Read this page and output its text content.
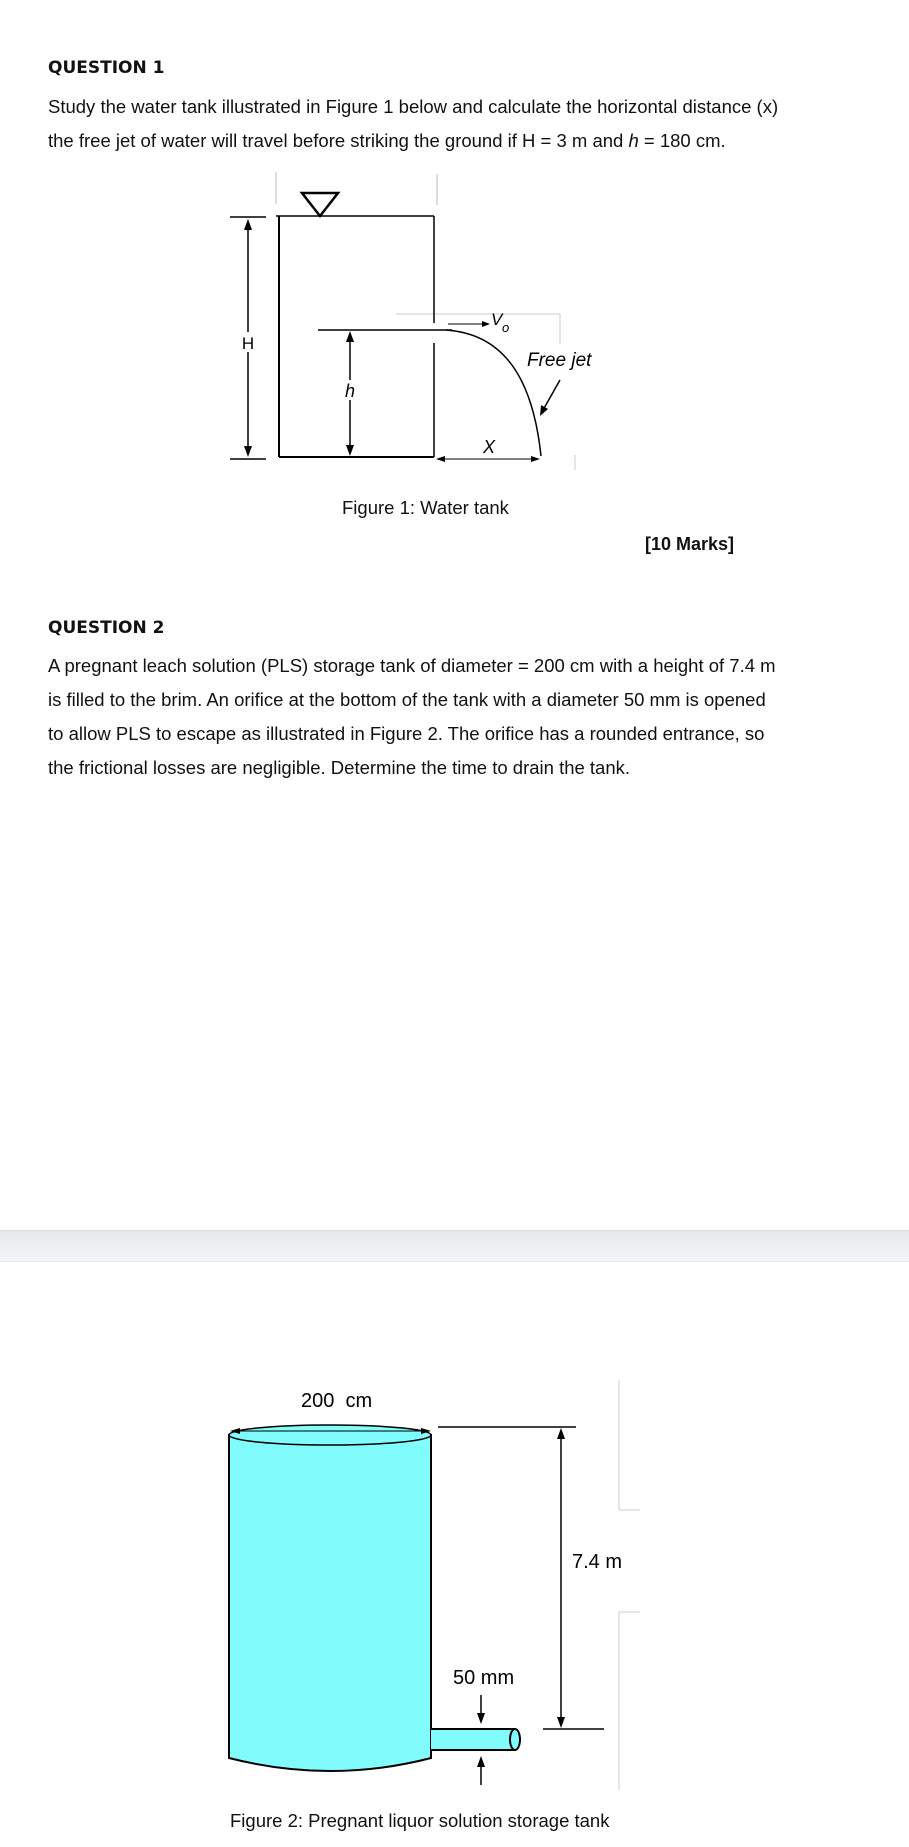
QUESTION 1
Study the water tank illustrated in Figure 1 below and calculate the horizontal distance (x)
the free jet of water will travel before striking the ground if H = 3 m and h = 180 cm.
H
h
V o
Free jet
X
Figure 1: Water tank
[10 Marks]
QUESTION 2
A pregnant leach solution (PLS) storage tank of diameter = 200 cm with a height of 7.4 m
is filled to the brim. An orifice at the bottom of the tank with a diameter 50 mm is opened
to allow PLS to escape as illustrated in Figure 2. The orifice has a rounded entrance, so
the frictional losses are negligible. Determine the time to drain the tank.
200  cm
7.4 m
50 mm
Figure 2: Pregnant liquor solution storage tank
